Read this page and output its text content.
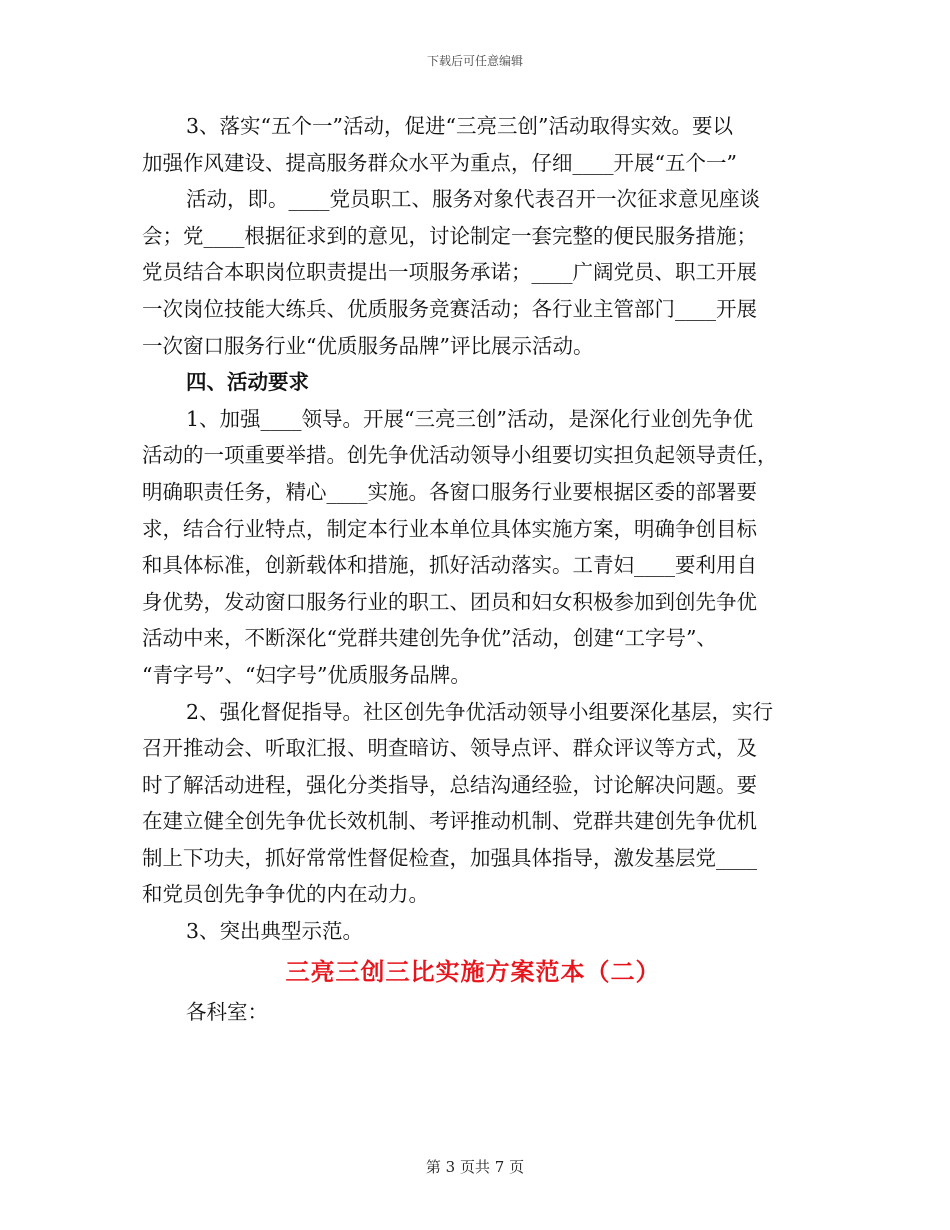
下载后可任意编辑

3、落实“五个一”活动，促进“三亮三创”活动取得实效。要以

加强作风建设、提高服务群众水平为重点，仔细____开展“五个一”

活动，即。____党员职工、服务对象代表召开一次征求意见座谈

会；党____根据征求到的意见，讨论制定一套完整的便民服务措施；

党员结合本职岗位职责提出一项服务承诺；____广阔党员、职工开展

一次岗位技能大练兵、优质服务竞赛活动；各行业主管部门____开展

一次窗口服务行业“优质服务品牌”评比展示活动。

四、活动要求

1、加强____领导。开展“三亮三创”活动，是深化行业创先争优

活动的一项重要举措。创先争优活动领导小组要切实担负起领导责任，

明确职责任务，精心____实施。各窗口服务行业要根据区委的部署要

求，结合行业特点，制定本行业本单位具体实施方案，明确争创目标

和具体标准，创新载体和措施，抓好活动落实。工青妇____要利用自

身优势，发动窗口服务行业的职工、团员和妇女积极参加到创先争优

活动中来，不断深化“党群共建创先争优”活动，创建“工字号”、

“青字号”、“妇字号”优质服务品牌。

2、强化督促指导。社区创先争优活动领导小组要深化基层，实行

召开推动会、听取汇报、明查暗访、领导点评、群众评议等方式，及

时了解活动进程，强化分类指导，总结沟通经验，讨论解决问题。要

在建立健全创先争优长效机制、考评推动机制、党群共建创先争优机

制上下功夫，抓好常常性督促检查，加强具体指导，激发基层党____

和党员创先争争优的内在动力。

3、突出典型示范。

三亮三创三比实施方案范本（二）

各科室：

第 3 页共 7 页
